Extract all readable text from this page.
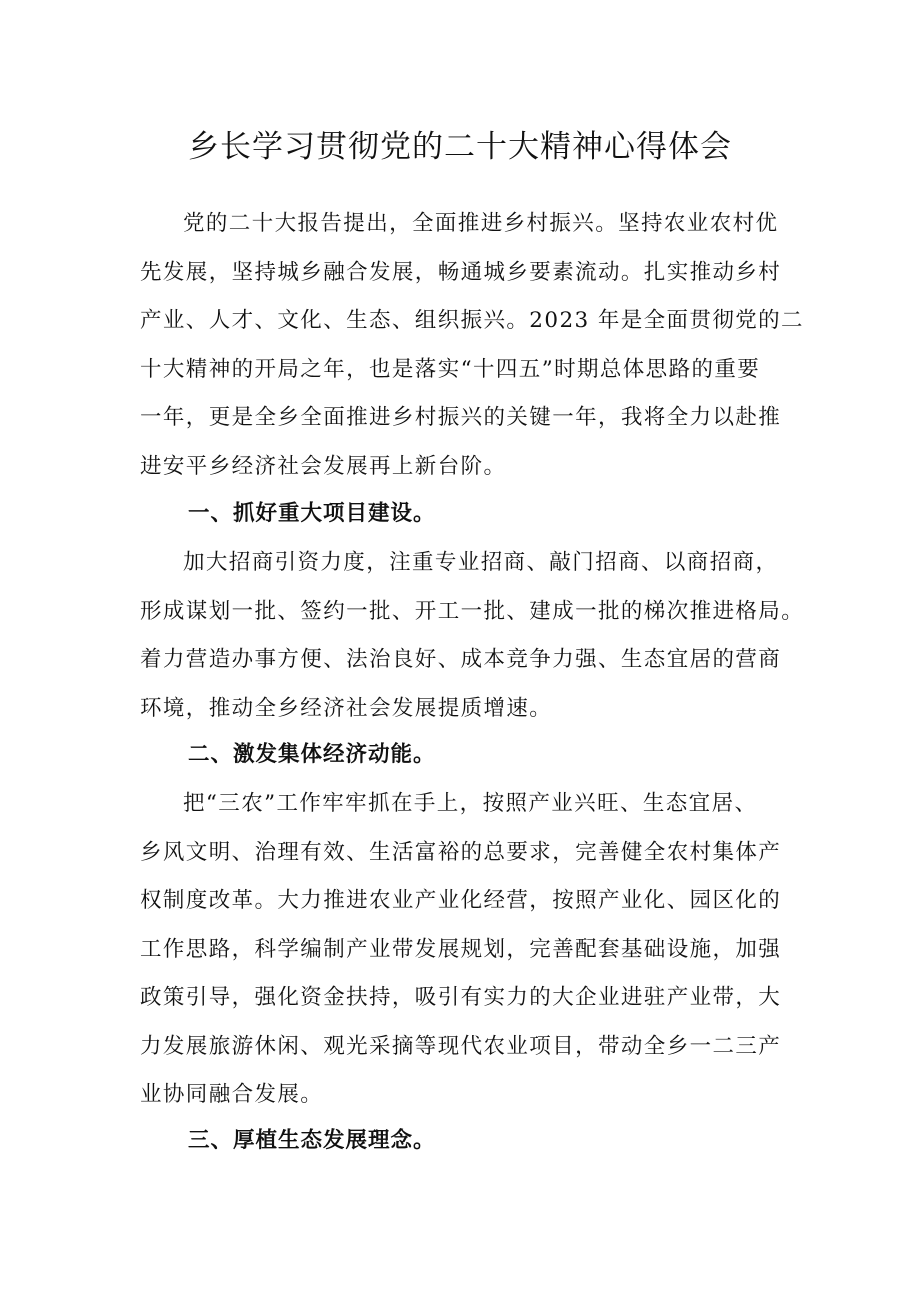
乡长学习贯彻党的二十大精神心得体会
党的二十大报告提出，全面推进乡村振兴。坚持农业农村优
先发展，坚持城乡融合发展，畅通城乡要素流动。扎实推动乡村
产业、人才、文化、生态、组织振兴。2023 年是全面贯彻党的二
十大精神的开局之年，也是落实“十四五”时期总体思路的重要
一年，更是全乡全面推进乡村振兴的关键一年，我将全力以赴推
进安平乡经济社会发展再上新台阶。
一、抓好重大项目建设。
加大招商引资力度，注重专业招商、敲门招商、以商招商，
形成谋划一批、签约一批、开工一批、建成一批的梯次推进格局。
着力营造办事方便、法治良好、成本竞争力强、生态宜居的营商
环境，推动全乡经济社会发展提质增速。
二、激发集体经济动能。
把“三农”工作牢牢抓在手上，按照产业兴旺、生态宜居、
乡风文明、治理有效、生活富裕的总要求，完善健全农村集体产
权制度改革。大力推进农业产业化经营，按照产业化、园区化的
工作思路，科学编制产业带发展规划，完善配套基础设施，加强
政策引导，强化资金扶持，吸引有实力的大企业进驻产业带，大
力发展旅游休闲、观光采摘等现代农业项目，带动全乡一二三产
业协同融合发展。
三、厚植生态发展理念。
